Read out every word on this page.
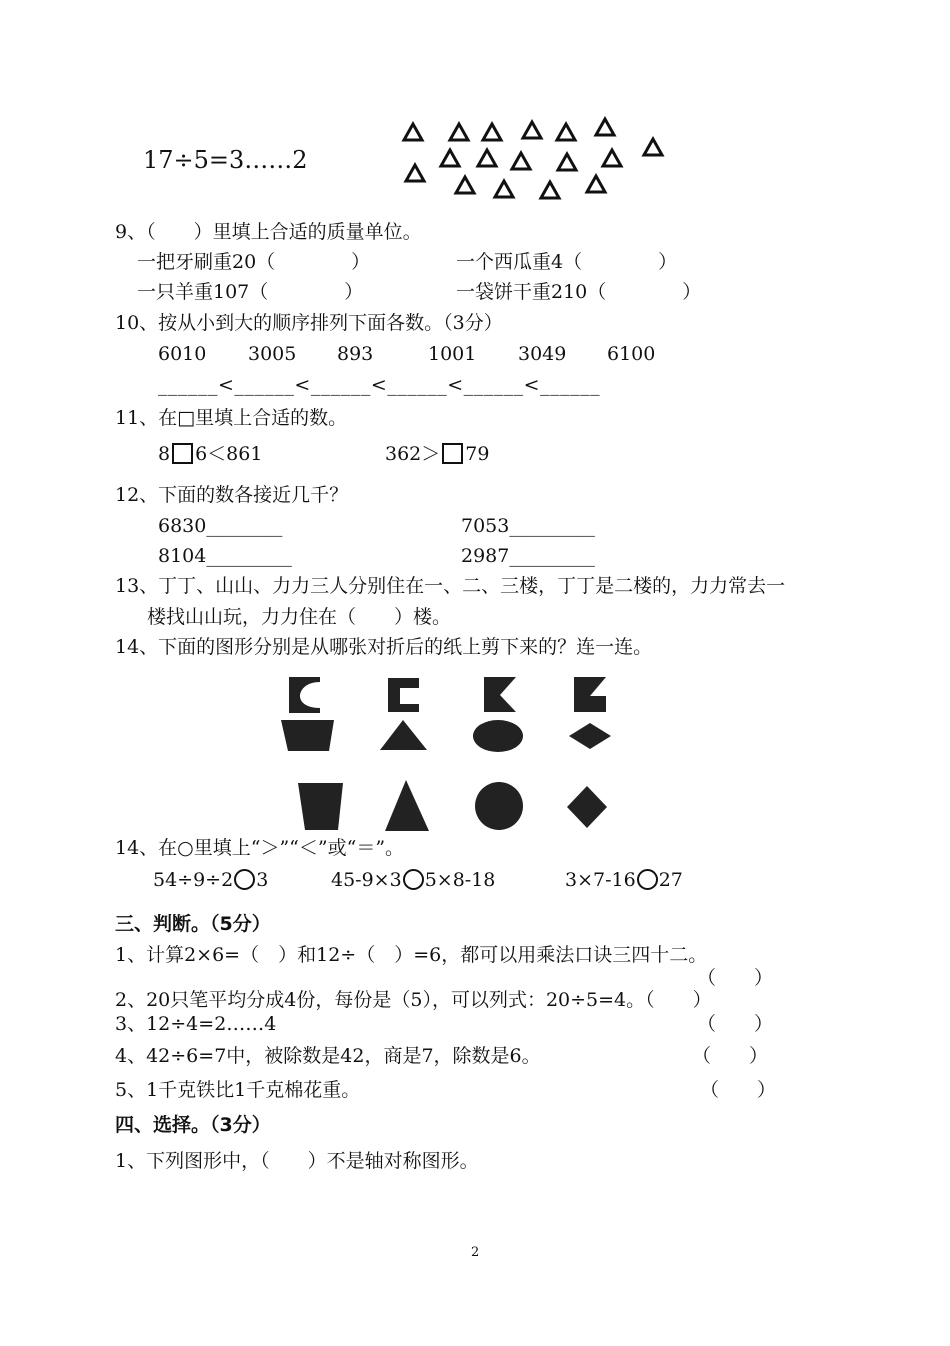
17÷5=3……2
9、（　　）里填上合适的质量单位。
一把牙刷重20（　　　　）	一个西瓜重4（　　　　）
一只羊重107（　　　　）	一袋饼干重210（　　　　）
10、按从小到大的顺序排列下面各数。（3分）
6010 3005 893	1001 3049 6100
______<______<______<______<______<______
11、在□里填上合适的数。
8 6＜861	362＞ 79
12、下面的数各接近几千？
6830________	7053_________
8104_________	2987_________
13、丁丁、山山、力力三人分别住在一、二、三楼，丁丁是二楼的，力力常去一
楼找山山玩，力力住在（　　）楼。
14、下面的图形分别是从哪张对折后的纸上剪下来的？连一连。
14、在○里填上“＞”“＜”或“＝”。
54÷9÷2 3	45-9×3 5×8-18	3×7-16 27
三、判断。（5分）
1、计算2×6=（　）和12÷（　）=6，都可以用乘法口诀三四十二。
（　　）
2、20只笔平均分成4份，每份是（5），可以列式：20÷5=4。（　　）
3、12÷4=2……4	（　　）
4、42÷6=7中，被除数是42，商是7，除数是6。	（　　）
5、1千克铁比1千克棉花重。	（　　）
四、选择。（3分）
1、下列图形中，（　　）不是轴对称图形。
2
